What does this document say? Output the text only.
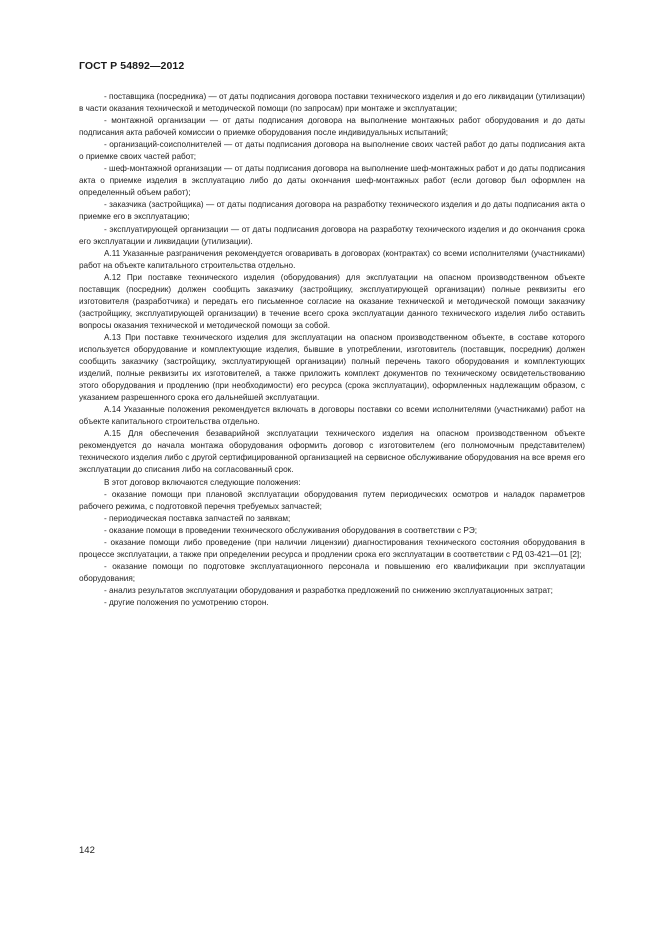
ГОСТ Р 54892—2012

- поставщика (посредника) — от даты подписания договора поставки технического изделия и до его ликвидации (утилизации) в части оказания технической и методической помощи (по запросам) при монтаже и эксплуатации;

- монтажной организации — от даты подписания договора на выполнение монтажных работ оборудования и до даты подписания акта рабочей комиссии о приемке оборудования после индивидуальных испытаний;

- организаций-соисполнителей — от даты подписания договора на выполнение своих частей работ до даты подписания акта о приемке своих частей работ;

- шеф-монтажной организации — от даты подписания договора на выполнение шеф-монтажных работ и до даты подписания акта о приемке изделия в эксплуатацию либо до даты окончания шеф-монтажных работ (если договор был оформлен на определенный объем работ);

- заказчика (застройщика) — от даты подписания договора на разработку технического изделия и до даты подписания акта о приемке его в эксплуатацию;

- эксплуатирующей организации — от даты подписания договора на разработку технического изделия и до окончания срока его эксплуатации и ликвидации (утилизации).

А.11 Указанные разграничения рекомендуется оговаривать в договорах (контрактах) со всеми исполнителями (участниками) работ на объекте капитального строительства отдельно.

А.12 При поставке технического изделия (оборудования) для эксплуатации на опасном производственном объекте поставщик (посредник) должен сообщить заказчику (застройщику, эксплуатирующей организации) полные реквизиты его изготовителя (разработчика) и передать его письменное согласие на оказание технической и методической помощи заказчику (застройщику, эксплуатирующей организации) в течение всего срока эксплуатации данного технического изделия либо оставить вопросы оказания технической и методической помощи за собой.

А.13 При поставке технического изделия для эксплуатации на опасном производственном объекте, в составе которого используется оборудование и комплектующие изделия, бывшие в употреблении, изготовитель (поставщик, посредник) должен сообщить заказчику (застройщику, эксплуатирующей организации) полный перечень такого оборудования и комплектующих изделий, полные реквизиты их изготовителей, а также приложить комплект документов по техническому освидетельствованию этого оборудования и продлению (при необходимости) его ресурса (срока эксплуатации), оформленных надлежащим образом, с указанием разрешенного срока его дальнейшей эксплуатации.

А.14 Указанные положения рекомендуется включать в договоры поставки со всеми исполнителями (участниками) работ на объекте капитального строительства отдельно.

А.15 Для обеспечения безаварийной эксплуатации технического изделия на опасном производственном объекте рекомендуется до начала монтажа оборудования оформить договор с изготовителем (его полномочным представителем) технического изделия либо с другой сертифицированной организацией на сервисное обслуживание оборудования на все время его эксплуатации до списания либо на согласованный срок.

В этот договор включаются следующие положения:

- оказание помощи при плановой эксплуатации оборудования путем периодических осмотров и наладок параметров рабочего режима, с подготовкой перечня требуемых запчастей;

- периодическая поставка запчастей по заявкам;

- оказание помощи в проведении технического обслуживания оборудования в соответствии с РЭ;

- оказание помощи либо проведение (при наличии лицензии) диагностирования технического состояния оборудования в процессе эксплуатации, а также при определении ресурса и продлении срока его эксплуатации в соответствии с РД 03-421—01 [2];

- оказание помощи по подготовке эксплуатационного персонала и повышению его квалификации при эксплуатации оборудования;

- анализ результатов эксплуатации оборудования и разработка предложений по снижению эксплуатационных затрат;

- другие положения по усмотрению сторон.

142
